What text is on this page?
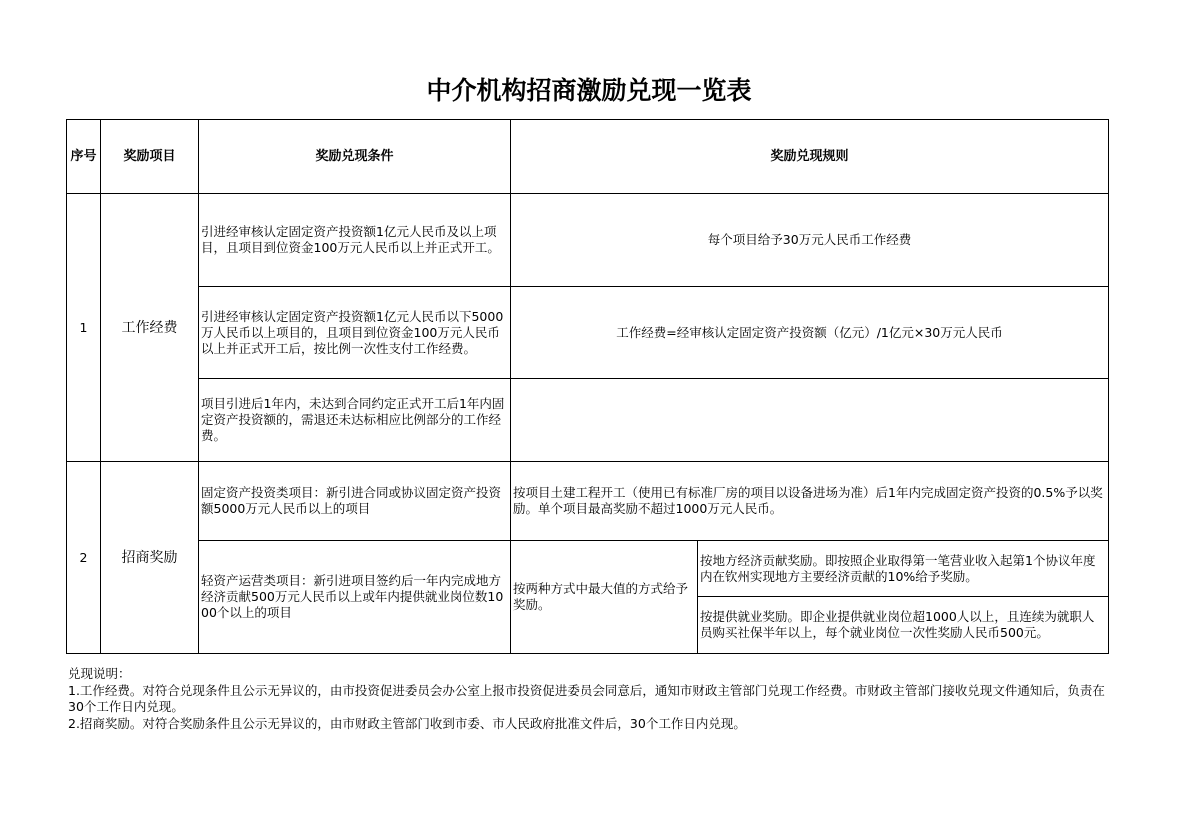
中介机构招商激励兑现一览表
序号	奖励项目	奖励兑现条件	奖励兑现规则	
1	工作经费	引进经审核认定固定资产投资额1亿元人民币及以上项目，且项目到位资金100万元人民币以上并正式开工。	每个项目给予30万元人民币工作经费	
		引进经审核认定固定资产投资额1亿元人民币以下5000万人民币以上项目的，且项目到位资金100万元人民币以上并正式开工后，按比例一次性支付工作经费。	工作经费=经审核认定固定资产投资额（亿元）/1亿元×30万元人民币	
		项目引进后1年内，未达到合同约定正式开工后1年内固定资产投资额的，需退还未达标相应比例部分的工作经费。		
2	招商奖励	固定资产投资类项目：新引进合同或协议固定资产投资额5000万元人民币以上的项目	按项目土建工程开工（使用已有标准厂房的项目以设备进场为准）后1年内完成固定资产投资的0.5%予以奖励。单个项目最高奖励不超过1000万元人民币。	
		轻资产运营类项目：新引进项目签约后一年内完成地方经济贡献500万元人民币以上或年内提供就业岗位数1000个以上的项目	按两种方式中最大值的方式给予奖励。	按地方经济贡献奖励。即按照企业取得第一笔营业收入起第1个协议年度内在钦州实现地方主要经济贡献的10%给予奖励。
				按提供就业奖励。即企业提供就业岗位超1000人以上，且连续为就职人员购买社保半年以上，每个就业岗位一次性奖励人民币500元。

兑现说明：

1.工作经费。对符合兑现条件且公示无异议的，由市投资促进委员会办公室上报市投资促进委员会同意后，通知市财政主管部门兑现工作经费。市财政主管部门接收兑现文件通知后，负责在30个工作日内兑现。

2.招商奖励。对符合奖励条件且公示无异议的，由市财政主管部门收到市委、市人民政府批准文件后，30个工作日内兑现。
